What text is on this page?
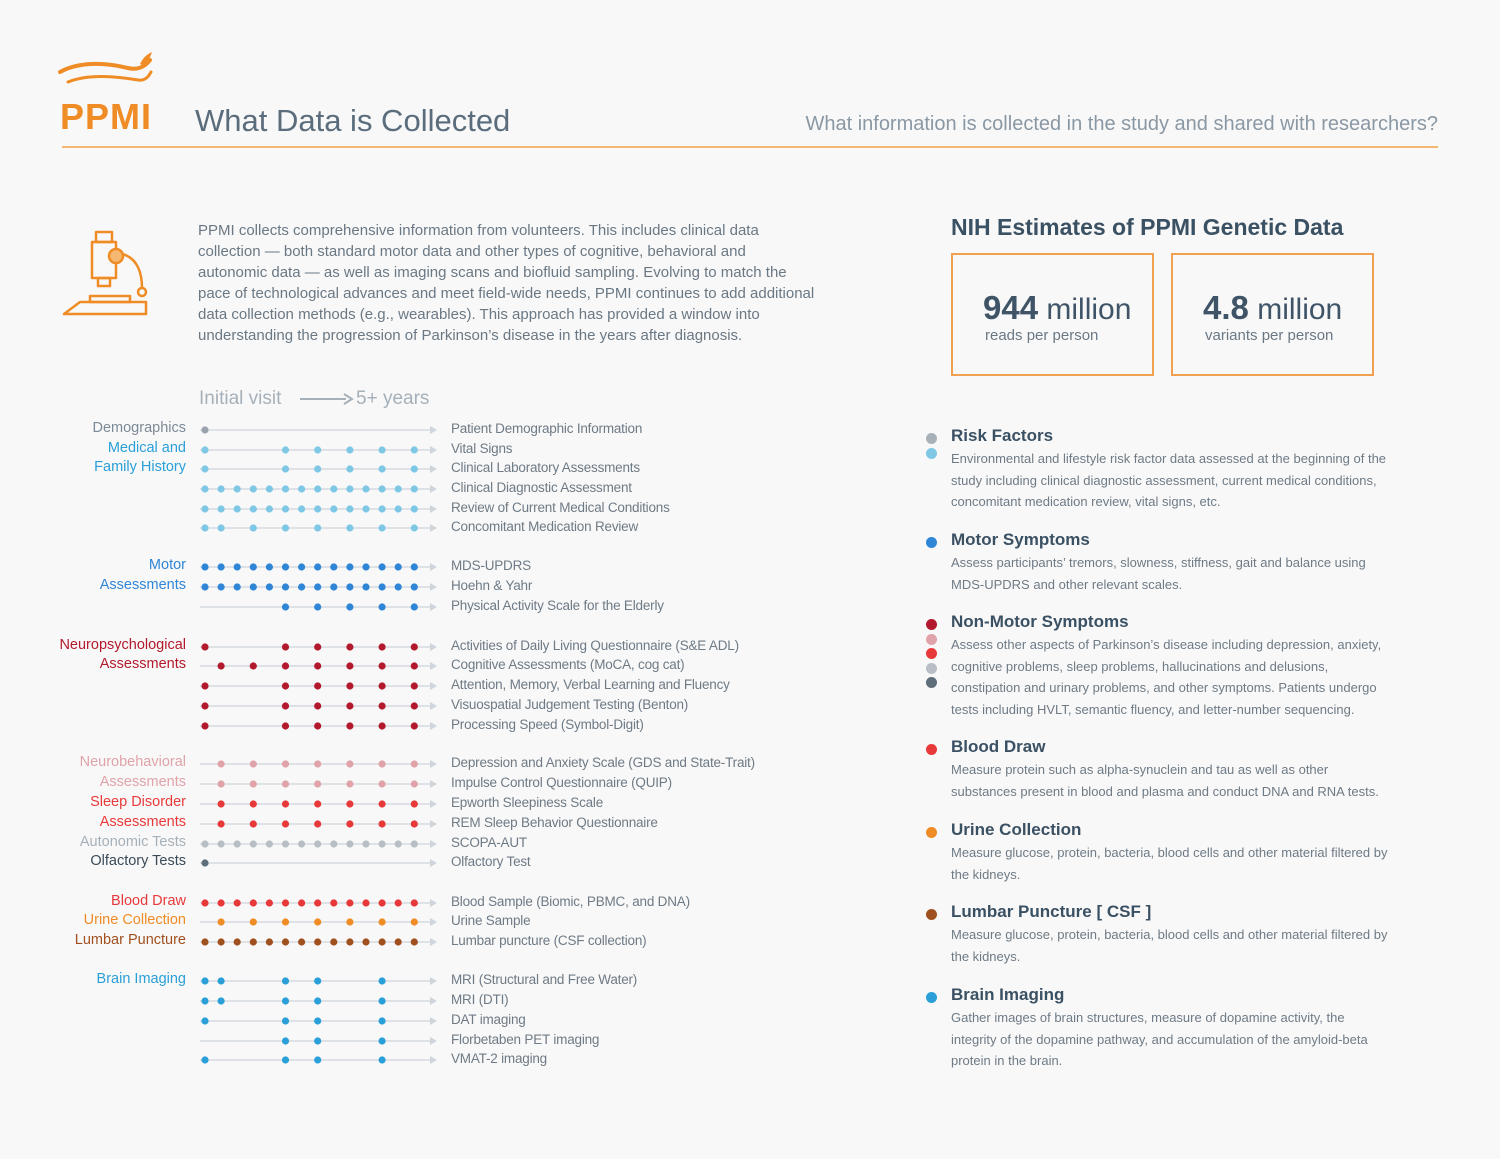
PPMI What Data is Collected	What information is collected in the study and shared with researchers?
PPMI collects comprehensive information from volunteers. This includes clinical data collection — both standard motor data and other types of cognitive, behavioral and autonomic data — as well as imaging scans and biofluid sampling. Evolving to match the pace of technological advances and meet field-wide needs, PPMI continues to add additional data collection methods (e.g., wearables). This approach has provided a window into understanding the progression of Parkinson’s disease in the years after diagnosis.
Initial visit	5+ years
Demographics
Medical and
Family History
Motor
Assessments
Neuropsychological
Assessments
Neurobehavioral
Assessments
Sleep Disorder
Assessments
Autonomic Tests
Olfactory Tests
Blood Draw
Urine Collection
Lumbar Puncture
Brain Imaging
Patient Demographic Information
Vital Signs
Clinical Laboratory Assessments
Clinical Diagnostic Assessment
Review of Current Medical Conditions
Concomitant Medication Review
MDS-UPDRS
Hoehn & Yahr
Physical Activity Scale for the Elderly
Activities of Daily Living Questionnaire (S&E ADL)
Cognitive Assessments (MoCA, cog cat)
Attention, Memory, Verbal Learning and Fluency
Visuospatial Judgement Testing (Benton)
Processing Speed (Symbol-Digit)
Depression and Anxiety Scale (GDS and State-Trait)
Impulse Control Questionnaire (QUIP)
Epworth Sleepiness Scale
REM Sleep Behavior Questionnaire
SCOPA-AUT
Olfactory Test
Blood Sample (Biomic, PBMC, and DNA)
Urine Sample
Lumbar puncture (CSF collection)
MRI (Structural and Free Water)
MRI (DTI)
DAT imaging
Florbetaben PET imaging
VMAT-2 imaging
NIH Estimates of PPMI Genetic Data
944 million
reads per person
4.8 million
variants per person
Risk Factors
Environmental and lifestyle risk factor data assessed at the beginning of the study including clinical diagnostic assessment, current medical conditions, concomitant medication review, vital signs, etc.
Motor Symptoms
Assess participants’ tremors, slowness, stiffness, gait and balance using MDS-UPDRS and other relevant scales.
Non-Motor Symptoms
Assess other aspects of Parkinson’s disease including depression, anxiety, cognitive problems, sleep problems, hallucinations and delusions, constipation and urinary problems, and other symptoms. Patients undergo tests including HVLT, semantic fluency, and letter-number sequencing.
Blood Draw
Measure protein such as alpha-synuclein and tau as well as other substances present in blood and plasma and conduct DNA and RNA tests.
Urine Collection
Measure glucose, protein, bacteria, blood cells and other material filtered by the kidneys.
Lumbar Puncture [ CSF ]
Measure glucose, protein, bacteria, blood cells and other material filtered by the kidneys.
Brain Imaging
Gather images of brain structures, measure of dopamine activity, the integrity of the dopamine pathway, and accumulation of the amyloid-beta protein in the brain.
